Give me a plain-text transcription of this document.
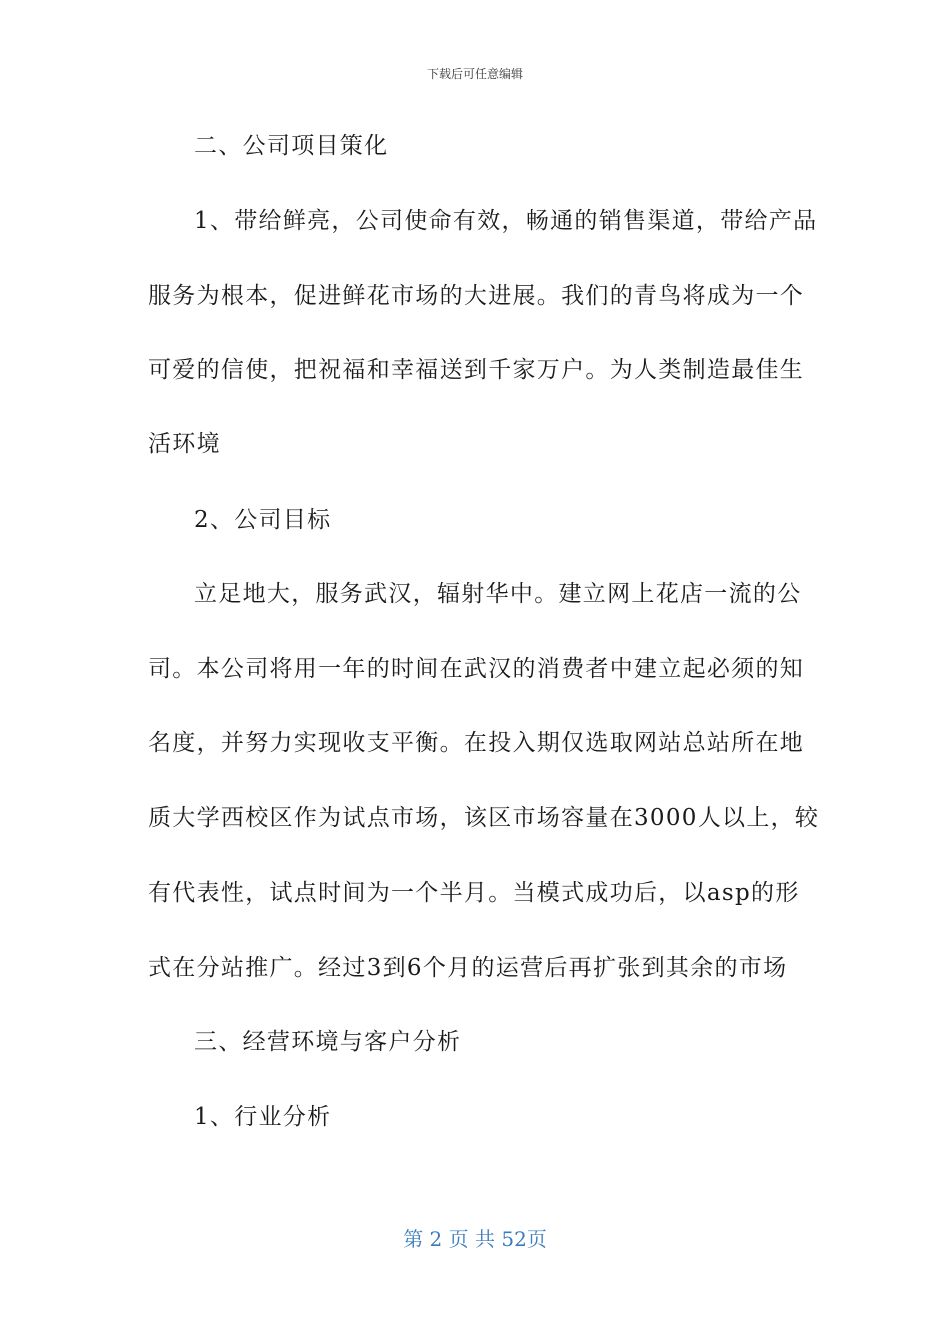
下载后可任意编辑
二、公司项目策化
1、带给鲜亮，公司使命有效，畅通的销售渠道，带给产品
服务为根本，促进鲜花市场的大进展。我们的青鸟将成为一个
可爱的信使，把祝福和幸福送到千家万户。为人类制造最佳生
活环境
2、公司目标
立足地大，服务武汉，辐射华中。建立网上花店一流的公
司。本公司将用一年的时间在武汉的消费者中建立起必须的知
名度，并努力实现收支平衡。在投入期仅选取网站总站所在地
质大学西校区作为试点市场，该区市场容量在3000人以上，较
有代表性，试点时间为一个半月。当模式成功后，以asp的形
式在分站推广。经过3到6个月的运营后再扩张到其余的市场
三、经营环境与客户分析
1、行业分析
第 2 页 共 52页
